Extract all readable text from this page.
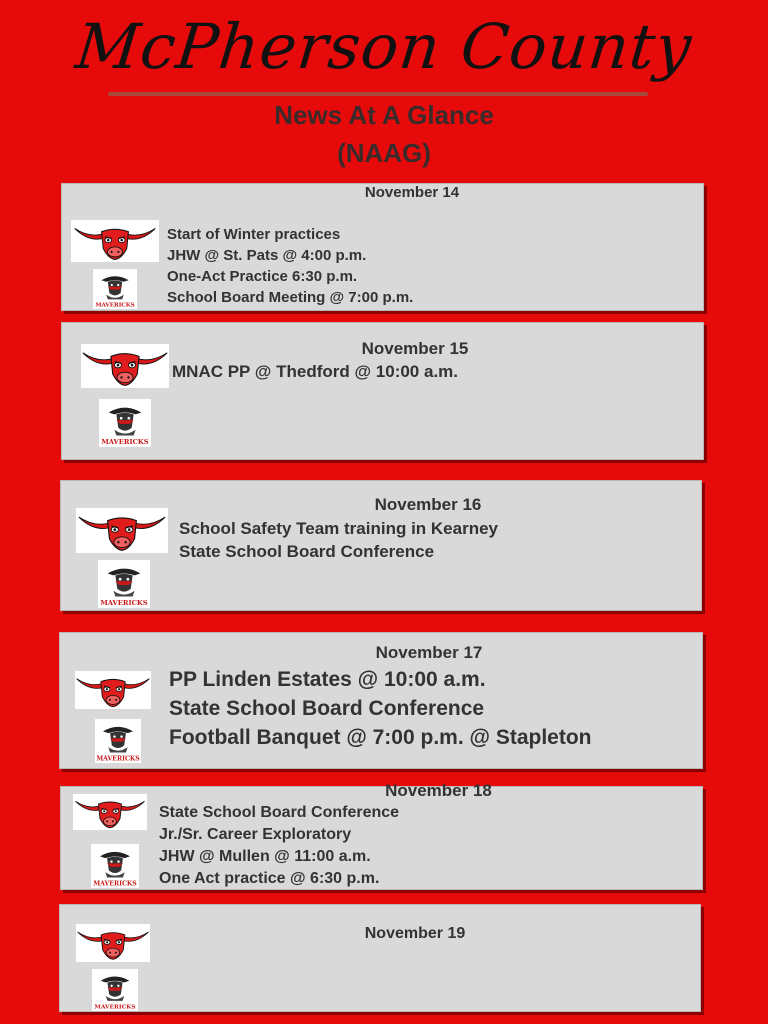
McPherson County
News At A Glance
(NAAG)
November 14
MAVERICKS
Start of Winter practices
JHW @ St. Pats @ 4:00 p.m.
One-Act Practice 6:30 p.m.
School Board Meeting @ 7:00 p.m.
November 15
MAVERICKS
MNAC PP @ Thedford @ 10:00 a.m.
November 16
MAVERICKS
School Safety Team training in Kearney
State School Board Conference
November 17
MAVERICKS
PP Linden Estates @ 10:00 a.m.
State School Board Conference
Football Banquet @ 7:00 p.m. @ Stapleton
November 18
MAVERICKS
State School Board Conference
Jr./Sr. Career Exploratory
JHW @ Mullen @ 11:00 a.m.
One Act practice @ 6:30 p.m.
November 19
MAVERICKS
